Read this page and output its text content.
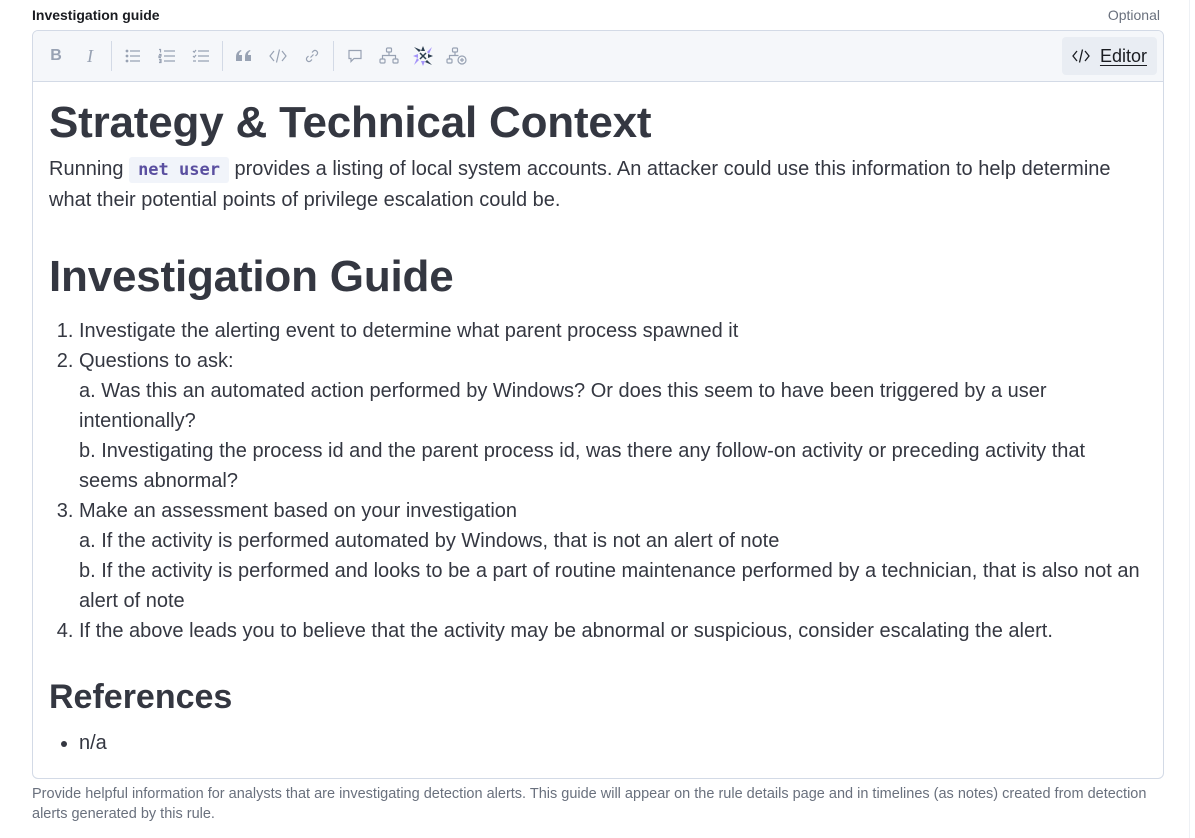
Investigation guide	Optional
B I	Editor
Strategy & Technical Context

Running net user provides a listing of local system accounts. An attacker could use this information to help determine what their potential points of privilege escalation could be.

Investigation Guide
1. Investigate the alerting event to determine what parent process spawned it
2. Questions to ask:
a. Was this an automated action performed by Windows? Or does this seem to have been triggered by a user intentionally?
b. Investigating the process id and the parent process id, was there any follow-on activity or preceding activity that seems abnormal?
3. Make an assessment based on your investigation
a. If the activity is performed automated by Windows, that is not an alert of note
b. If the activity is performed and looks to be a part of routine maintenance performed by a technician, that is also not an alert of note
4. If the above leads you to believe that the activity may be abnormal or suspicious, consider escalating the alert.
References
• n/a
Provide helpful information for analysts that are investigating detection alerts. This guide will appear on the rule details page and in timelines (as notes) created from detection alerts generated by this rule.
